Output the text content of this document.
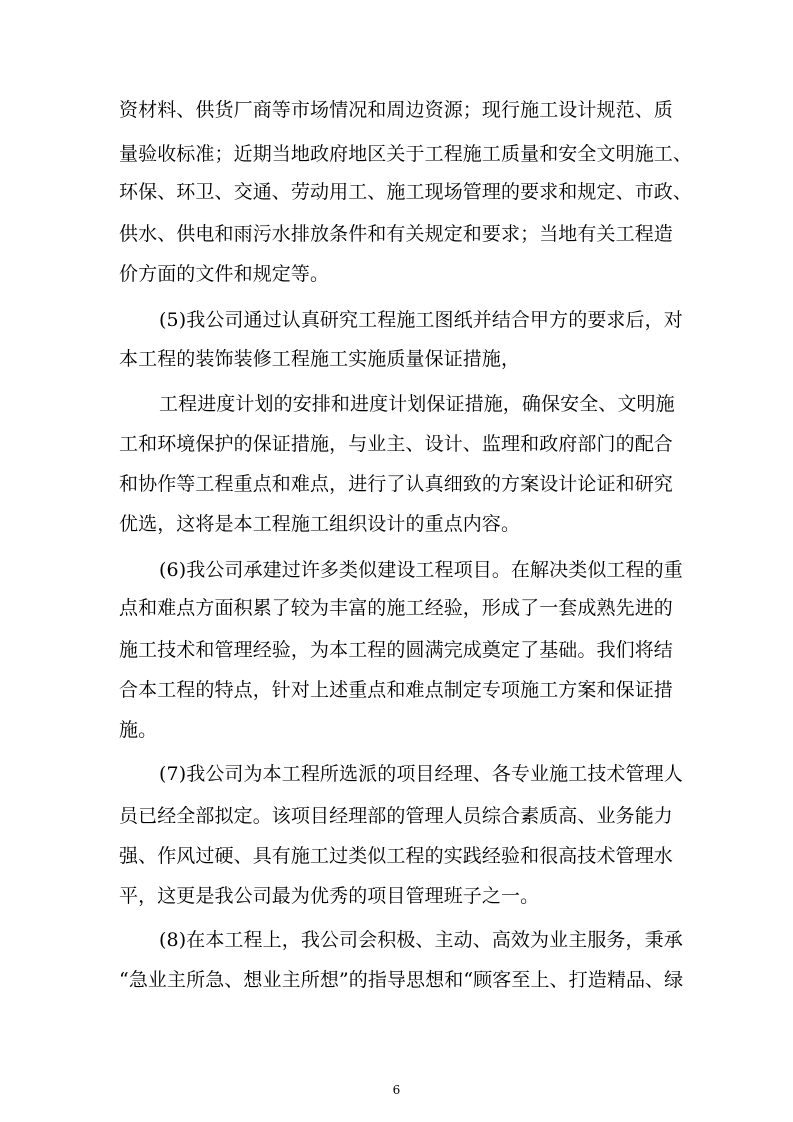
资材料、供货厂商等市场情况和周边资源；现行施工设计规范、质
量验收标准；近期当地政府地区关于工程施工质量和安全文明施工、
环保、环卫、交通、劳动用工、施工现场管理的要求和规定、市政、
供水、供电和雨污水排放条件和有关规定和要求；当地有关工程造
价方面的文件和规定等。
(5)我公司通过认真研究工程施工图纸并结合甲方的要求后，对
本工程的装饰装修工程施工实施质量保证措施，
工程进度计划的安排和进度计划保证措施，确保安全、文明施
工和环境保护的保证措施，与业主、设计、监理和政府部门的配合
和协作等工程重点和难点，进行了认真细致的方案设计论证和研究
优选，这将是本工程施工组织设计的重点内容。
(6)我公司承建过许多类似建设工程项目。在解决类似工程的重
点和难点方面积累了较为丰富的施工经验，形成了一套成熟先进的
施工技术和管理经验，为本工程的圆满完成奠定了基础。我们将结
合本工程的特点，针对上述重点和难点制定专项施工方案和保证措
施。
(7)我公司为本工程所选派的项目经理、各专业施工技术管理人
员已经全部拟定。该项目经理部的管理人员综合素质高、业务能力
强、作风过硬、具有施工过类似工程的实践经验和很高技术管理水
平，这更是我公司最为优秀的项目管理班子之一。
(8)在本工程上，我公司会积极、主动、高效为业主服务，秉承
“急业主所急、想业主所想”的指导思想和“顾客至上、打造精品、绿
6
